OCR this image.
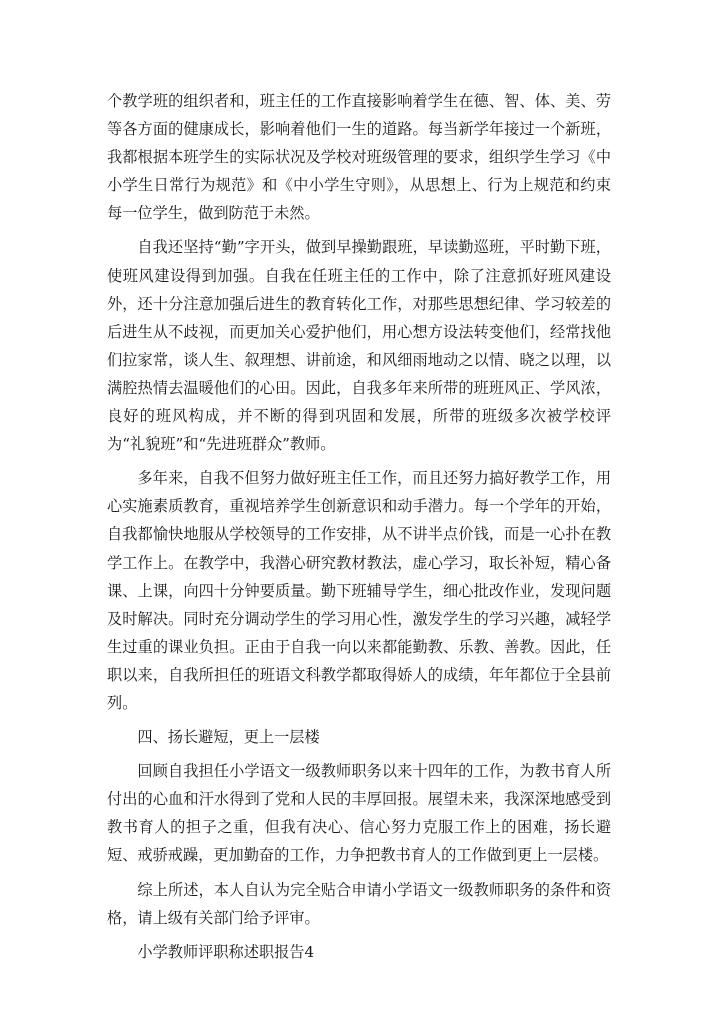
个教学班的组织者和，班主任的工作直接影响着学生在德、智、体、美、劳等各方面的健康成长，影响着他们一生的道路。每当新学年接过一个新班，我都根据本班学生的实际状况及学校对班级管理的要求，组织学生学习《中小学生日常行为规范》和《中小学生守则》，从思想上、行为上规范和约束每一位学生，做到防范于未然。

自我还坚持“勤”字开头，做到早操勤跟班，早读勤巡班，平时勤下班，使班风建设得到加强。自我在任班主任的工作中，除了注意抓好班风建设外，还十分注意加强后进生的教育转化工作，对那些思想纪律、学习较差的后进生从不歧视，而更加关心爱护他们，用心想方设法转变他们，经常找他们拉家常，谈人生、叙理想、讲前途，和风细雨地动之以情、晓之以理，以满腔热情去温暖他们的心田。因此，自我多年来所带的班班风正、学风浓，良好的班风构成，并不断的得到巩固和发展，所带的班级多次被学校评为“礼貌班”和“先进班群众”教师。

多年来，自我不但努力做好班主任工作，而且还努力搞好教学工作，用心实施素质教育，重视培养学生创新意识和动手潜力。每一个学年的开始，自我都愉快地服从学校领导的工作安排，从不讲半点价钱，而是一心扑在教学工作上。在教学中，我潜心研究教材教法，虚心学习，取长补短，精心备课、上课，向四十分钟要质量。勤下班辅导学生，细心批改作业，发现问题及时解决。同时充分调动学生的学习用心性，激发学生的学习兴趣，减轻学生过重的课业负担。正由于自我一向以来都能勤教、乐教、善教。因此，任职以来，自我所担任的班语文科教学都取得娇人的成绩，年年都位于全县前列。

四、扬长避短，更上一层楼

回顾自我担任小学语文一级教师职务以来十四年的工作，为教书育人所付出的心血和汗水得到了党和人民的丰厚回报。展望未来，我深深地感受到教书育人的担子之重，但我有决心、信心努力克服工作上的困难，扬长避短、戒骄戒躁，更加勤奋的工作，力争把教书育人的工作做到更上一层楼。

综上所述，本人自认为完全贴合申请小学语文一级教师职务的条件和资格，请上级有关部门给予评审。

小学教师评职称述职报告4
